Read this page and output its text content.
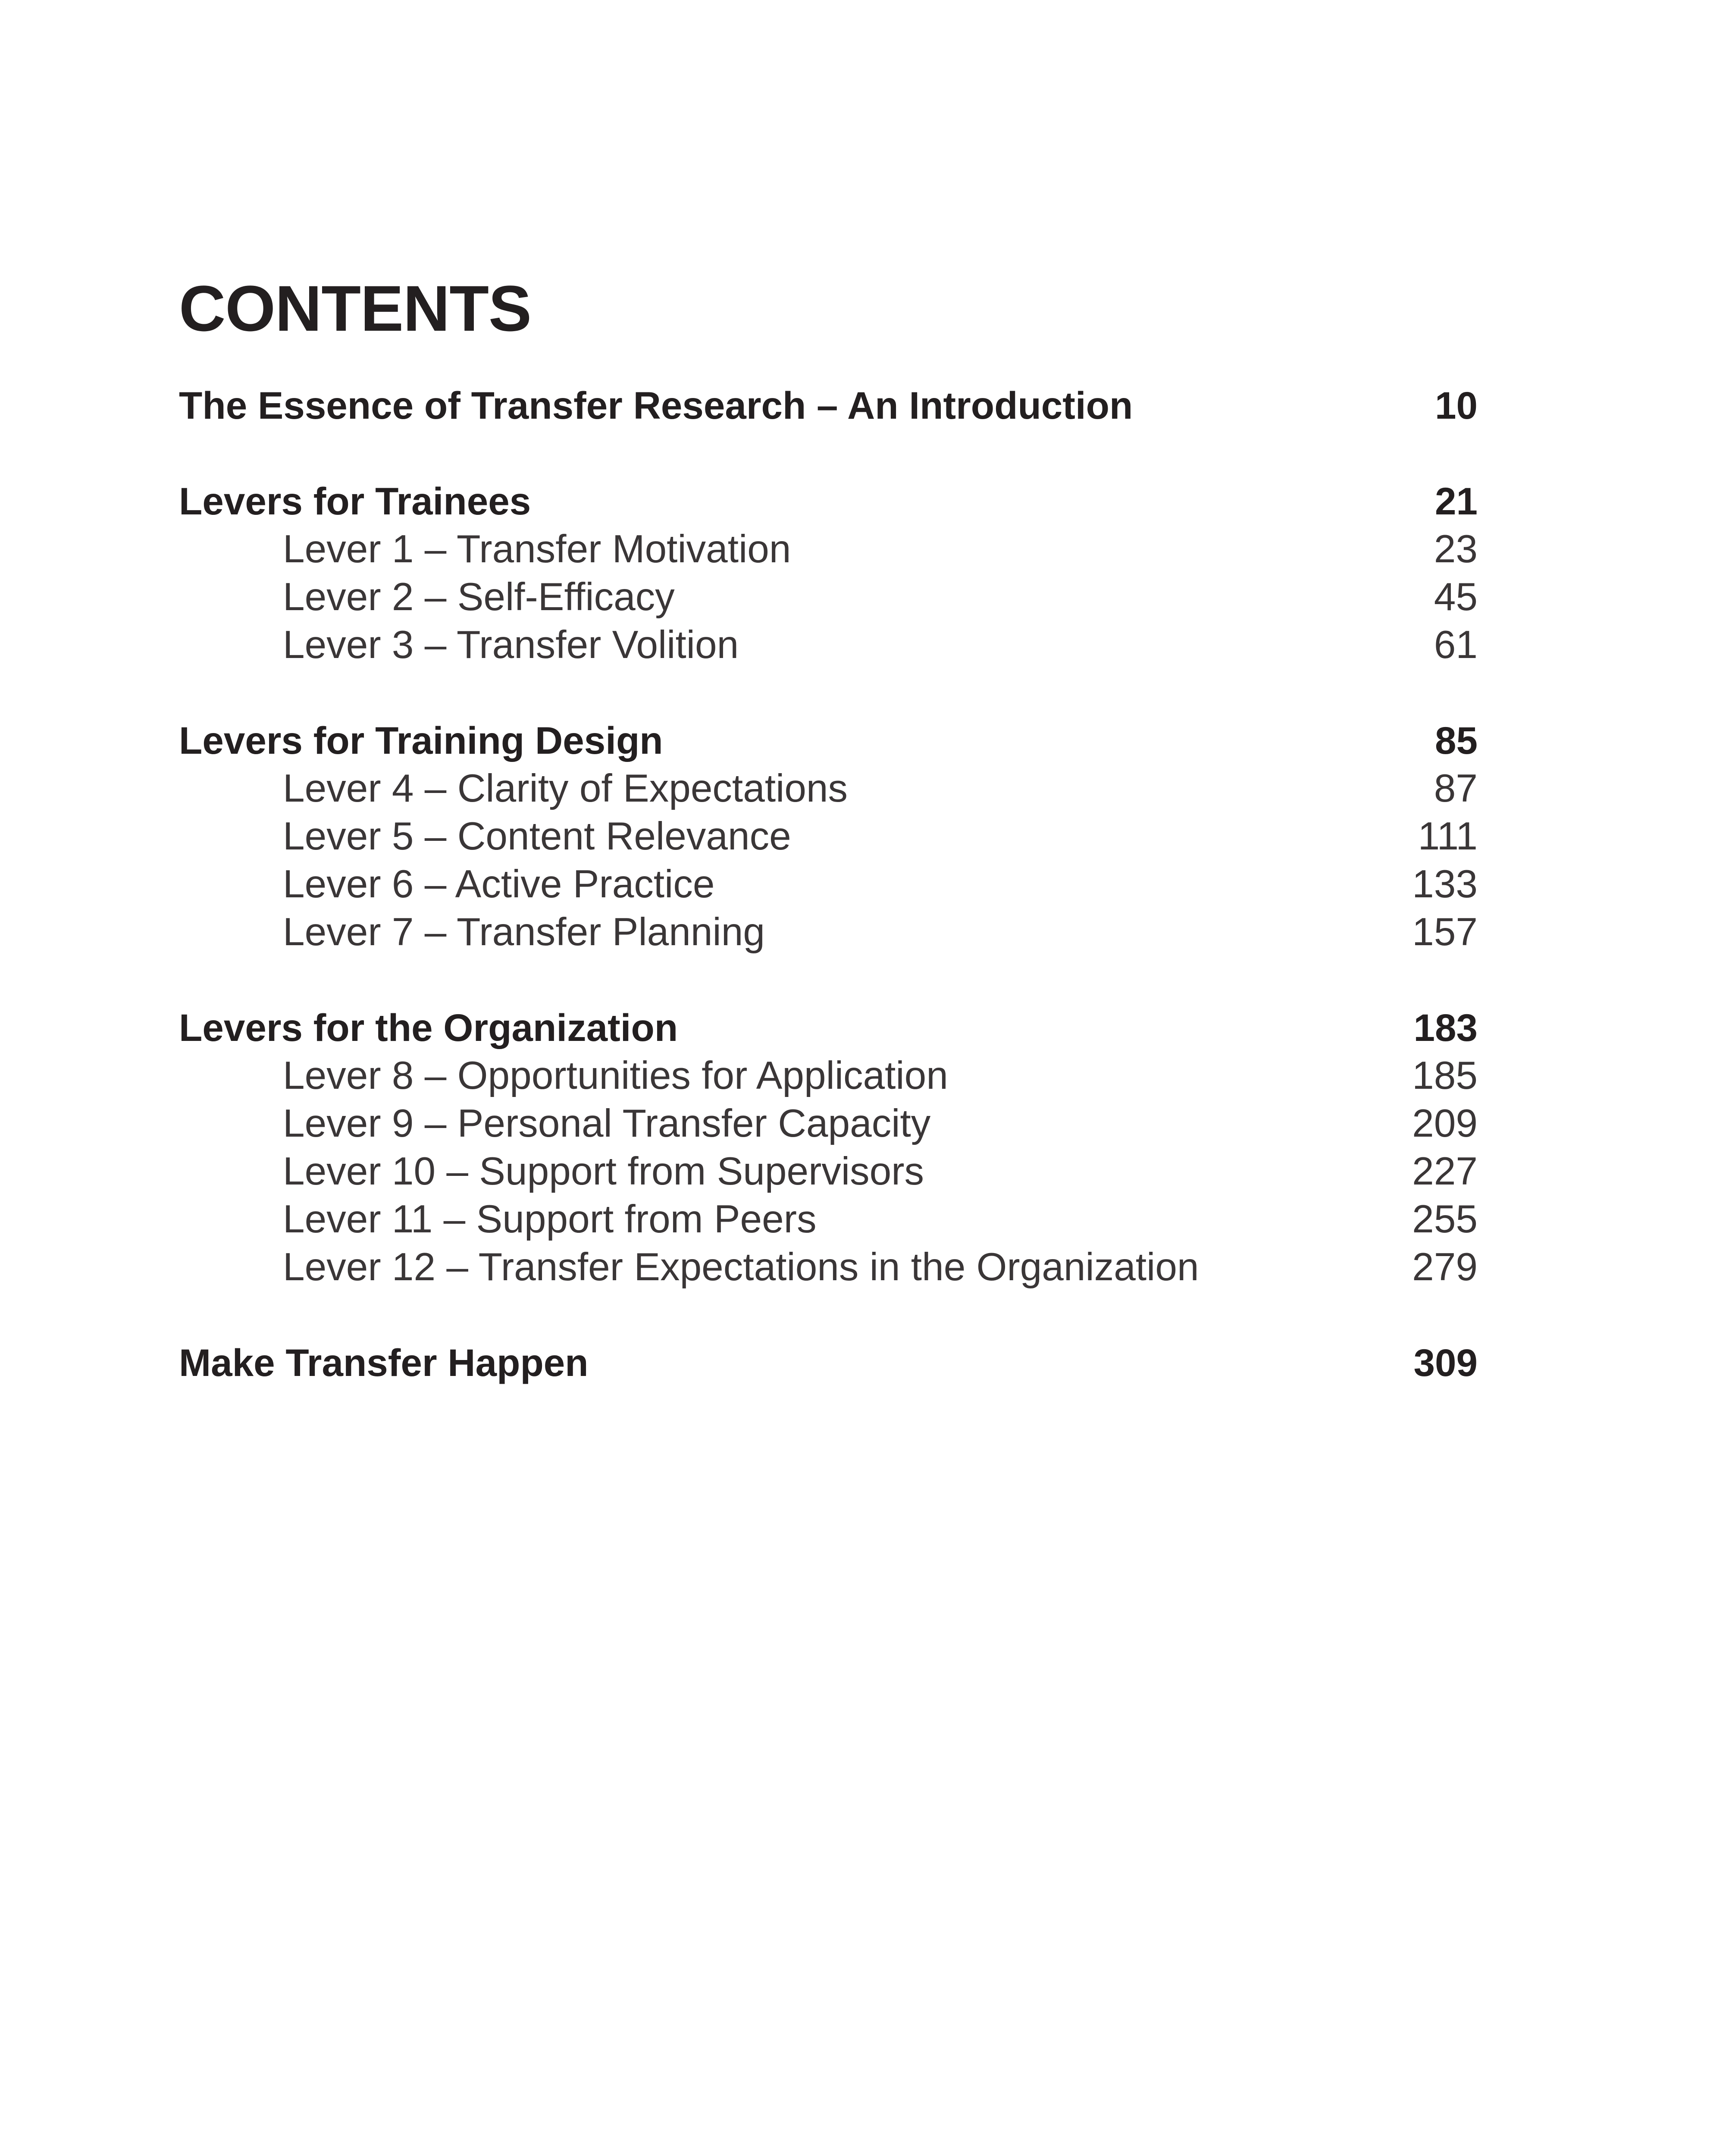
CONTENTS
The Essence of Transfer Research – An Introduction	10
Levers for Trainees	21
Lever 1 – Transfer Motivation	23
Lever 2 – Self-Efficacy	45
Lever 3 – Transfer Volition	61
Levers for Training Design	85
Lever 4 – Clarity of Expectations	87
Lever 5 – Content Relevance	111
Lever 6 – Active Practice	133
Lever 7 – Transfer Planning	157
Levers for the Organization	183
Lever 8 – Opportunities for Application	185
Lever 9 – Personal Transfer Capacity	209
Lever 10 – Support from Supervisors	227
Lever 11 – Support from Peers	255
Lever 12 – Transfer Expectations in the Organization	279
Make Transfer Happen	309
